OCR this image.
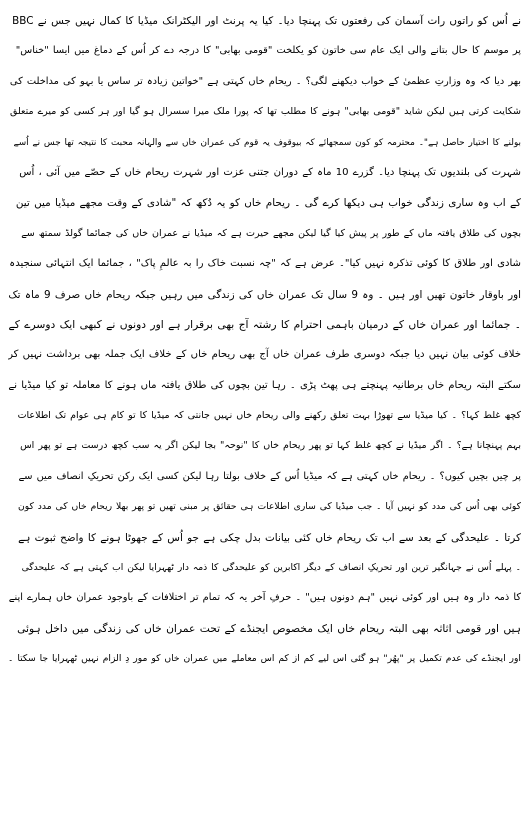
نے اُس کو راتوں رات آسمان کی رفعتوں تک پہنچا دیا۔ کیا یہ پرنٹ اور الیکٹرانک میڈیا کا کمال نہیں جس نے BBC
پر موسم کا حال بتانے والی ایک عام سی خاتون کو یکلخت "قومی بھابی" کا درجہ دے کر اُس کے دماغ میں ایسا "خناس"
بھر دیا کہ وہ وزارتِ عظمیٰ کے خواب دیکھنے لگی؟ ۔ ریحام خاں کہتی ہے "خواتین زیادہ تر ساس یا بہو کی مداخلت کی
شکایت کرتی ہیں لیکن شاید "قومی بھابی" ہونے کا مطلب تھا کہ پورا ملک میرا سسرال ہو گیا اور ہر کسی کو میرے متعلق
بولنے کا اختیار حاصل ہے"۔ محترمہ کو کون سمجھائے کہ بیوقوف یہ قوم کی عمران خاں سے والہانہ محبت کا نتیجہ تھا جس نے اُسے
شہرت کی بلندیوں تک پہنچا دیا۔ گزرے 10 ماہ کے دوران جتنی عزت اور شہرت ریحام خاں کے حصّے میں آئی ، اُس
کے اب وہ ساری زندگی خواب ہی دیکھا کرے گی ۔ ریحام خاں کو یہ دُکھ کہ "شادی کے وقت مجھے میڈیا میں تین
بچوں کی طلاق یافتہ ماں کے طور پر پیش کیا گیا لیکن مجھے حیرت ہے کہ میڈیا نے عمران خاں کی جمائما گولڈ سمتھ سے
شادی اور طلاق کا کوئی تذکرہ نہیں کیا"۔ عرض ہے کہ "چہ نسبت خاک را بہ عالمِ پاک" ، جمائما ایک انتہائی سنجیدہ
اور باوقار خاتون تھیں اور ہیں ۔ وہ 9 سال تک عمران خاں کی زندگی میں رہیں جبکہ ریحام خاں صرف 9 ماہ تک
۔ جمائما اور عمران خاں کے درمیان باہمی احترام کا رشتہ آج بھی برقرار ہے اور دونوں نے کبھی ایک دوسرے کے
خلاف کوئی بیان نہیں دیا جبکہ دوسری طرف عمران خاں آج بھی ریحام خاں کے خلاف ایک جملہ بھی برداشت نہیں کر
سکتے البتہ ریحام خاں برطانیہ پہنچتے ہی پھٹ پڑی ۔ رہا تین بچوں کی طلاق یافتہ ماں ہونے کا معاملہ تو کیا میڈیا نے
کچھ غلط کہا؟ ۔ کیا میڈیا سے تھوڑا بہت تعلق رکھنے والی ریحام خاں نہیں جانتی کہ میڈیا کا تو کام ہی عوام تک اطلاعات
بہم پہنچانا ہے؟ ۔ اگر میڈیا نے کچھ غلط کہا تو پھر ریحام خاں کا "نوحہ" بجا لیکن اگر یہ سب کچھ درست ہے تو پھر اس
پر چیں بچیں کیوں؟ ۔ ریحام خاں کہتی ہے کہ میڈیا اُس کے خلاف بولتا رہا لیکن کسی ایک رکن تحریکِ انصاف میں سے
کوئی بھی اُس کی مدد کو نہیں آیا ۔ جب میڈیا کی ساری اطلاعات ہی حقائق پر مبنی تھیں تو پھر بھلا ریحام خاں کی مدد کون
کرتا ۔ علیحدگی کے بعد سے اب تک ریحام خاں کئی بیانات بدل چکی ہے جو اُس کے جھوٹا ہونے کا واضح ثبوت ہے
۔ پہلے اُس نے جہانگیر ترین اور تحریکِ انصاف کے دیگر اکابرین کو علیحدگی کا ذمہ دار ٹھہرایا لیکن اب کہتی ہے کہ علیحدگی
کا ذمہ دار وہ ہیں اور کوئی نہیں "ہم دونوں ہیں" ۔ حرفِ آخر یہ کہ تمام تر اختلافات کے باوجود عمران خاں ہمارے اپنے
ہیں اور قومی اثاثہ بھی البتہ ریحام خاں ایک مخصوص ایجنڈے کے تحت عمران خاں کی زندگی میں داخل ہوئی
اور ایجنڈے کی عدم تکمیل پر "پھُر" ہو گئی اس لیے کم از کم اس معاملے میں عمران خاں کو مور دِ الزام نہیں ٹھہرایا جا سکتا ۔
